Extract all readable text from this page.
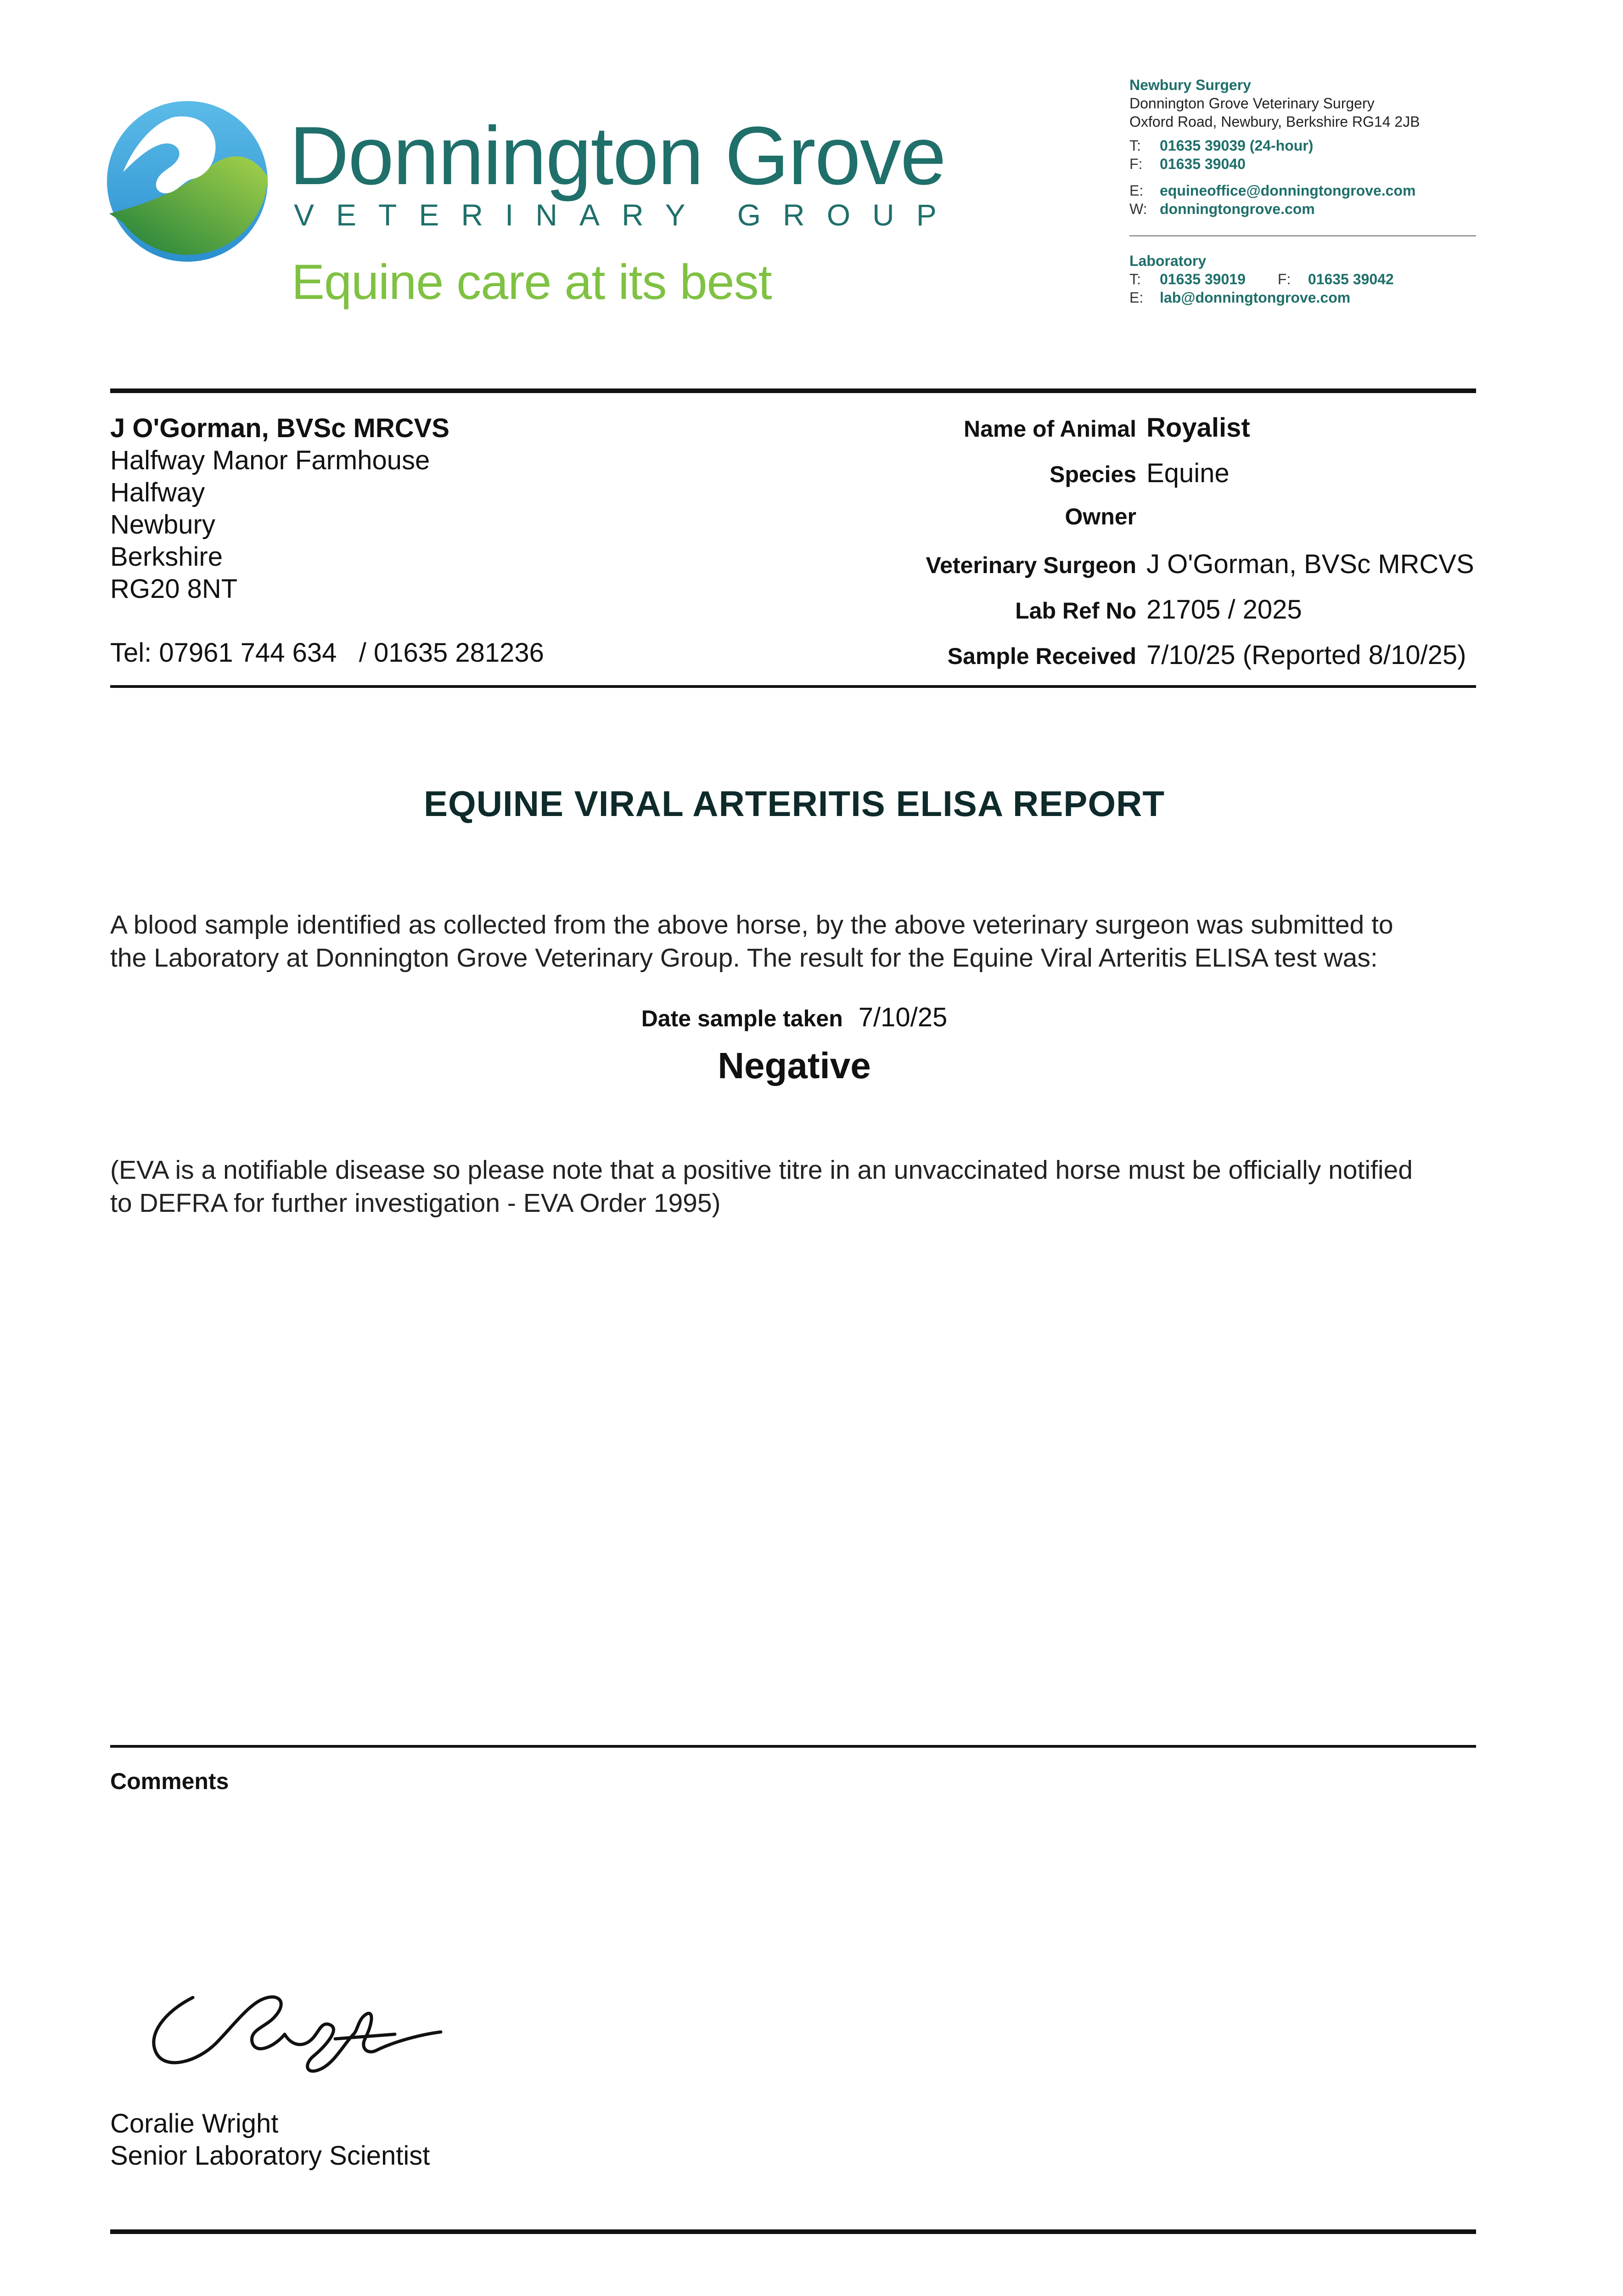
Donnington Grove
VETERINARY GROUP
Equine care at its best
Newbury Surgery
Donnington Grove Veterinary Surgery
Oxford Road, Newbury, Berkshire RG14 2JB
T: 01635 39039 (24-hour)
F: 01635 39040
E: equineoffice@donningtongrove.com
W: donningtongrove.com
Laboratory
T: 01635 39019 F: 01635 39042
E: lab@donningtongrove.com
J O'Gorman, BVSc MRCVS
Halfway Manor Farmhouse
Halfway
Newbury
Berkshire
RG20 8NT
Tel: 07961 744 634   / 01635 281236
Name of Animal Royalist
Species Equine
Owner
Veterinary Surgeon J O'Gorman, BVSc MRCVS
Lab Ref No 21705 / 2025
Sample Received 7/10/25 (Reported 8/10/25)
EQUINE VIRAL ARTERITIS ELISA REPORT
A blood sample identified as collected from the above horse, by the above veterinary surgeon was submitted to
the Laboratory at Donnington Grove Veterinary Group. The result for the Equine Viral Arteritis ELISA test was:
Date sample taken 7/10/25
Negative
(EVA is a notifiable disease so please note that a positive titre in an unvaccinated horse must be officially notified
to DEFRA for further investigation - EVA Order 1995)
Comments
Coralie Wright
Senior Laboratory Scientist
